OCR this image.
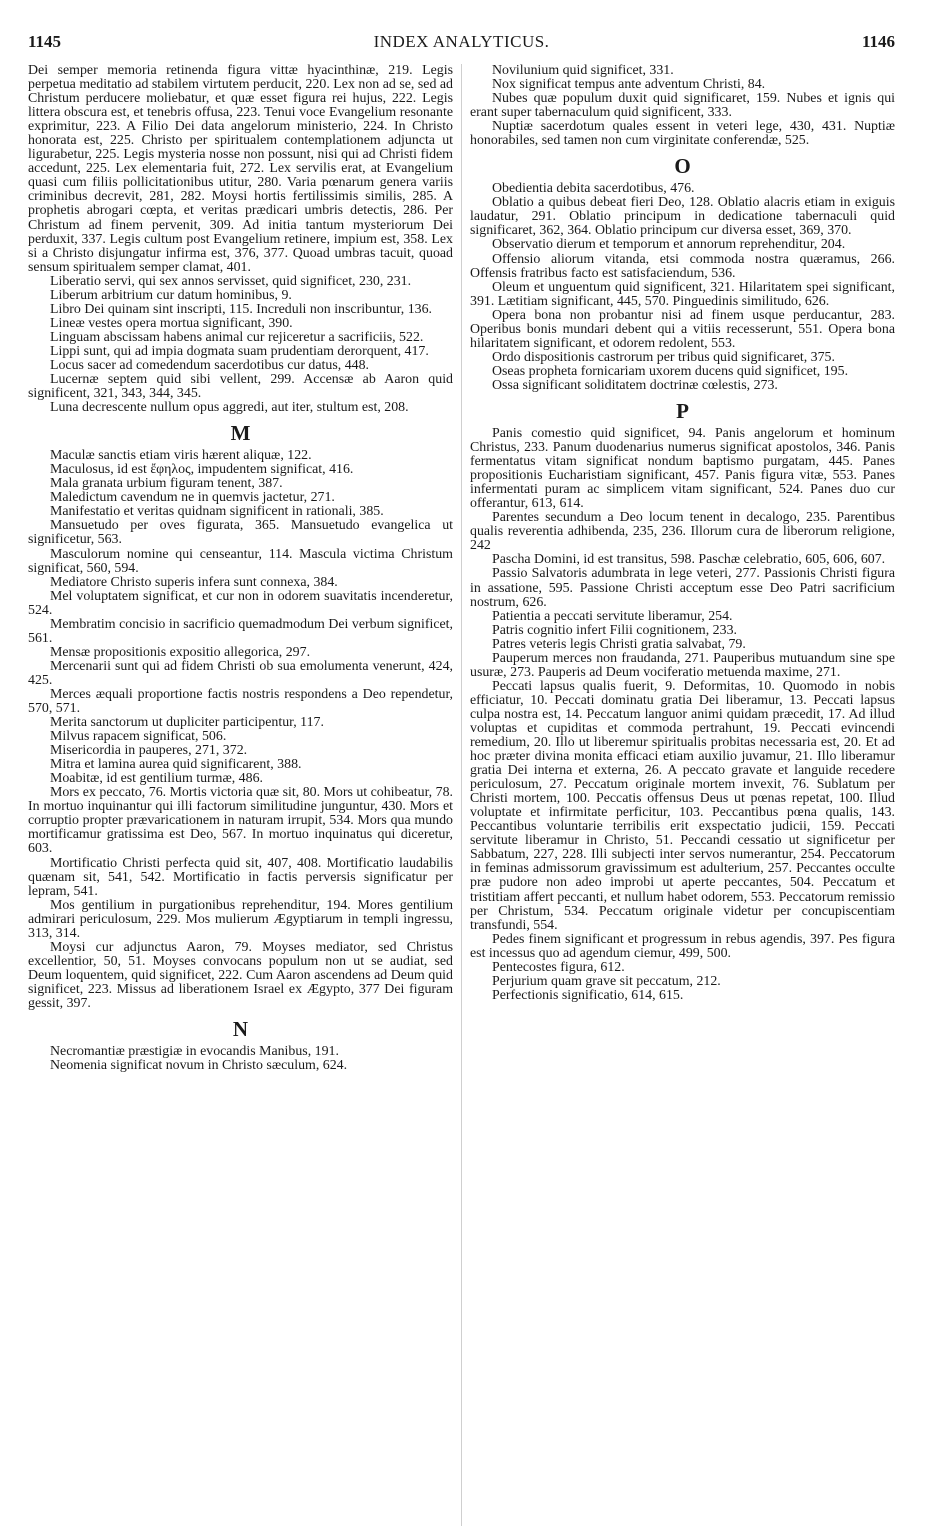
1145	INDEX ANALYTICUS.	1146
Dei semper memoria retinenda figura vittæ hyacinthinæ, 219. Legis perpetua meditatio ad stabilem virtutem perducit, 220. Lex non ad se, sed ad Christum perducere moliebatur, et quæ esset figura rei hujus, 222. Legis littera obscura est, et tenebris offusa, 223. Tenui voce Evangelium resonante exprimitur, 223. A Filio Dei data angelorum ministerio, 224. In Christo honorata est, 225. Christo per spiritualem contemplationem adjuncta ut ligurabetur, 225. Legis mysteria nosse non possunt, nisi qui ad Christi fidem accedunt, 225. Lex elementaria fuit, 272. Lex servilis erat, at Evangelium quasi cum filiis pollicitationibus utitur, 280. Varia pœnarum genera variis criminibus decrevit, 281, 282. Moysi hortis fertilissimis similis, 285. A prophetis abrogari cœpta, et veritas prædicari umbris detectis, 286. Per Christum ad finem pervenit, 309. Ad initia tantum mysteriorum Dei perduxit, 337. Legis cultum post Evangelium retinere, impium est, 358. Lex si a Christo disjungatur infirma est, 376, 377. Quoad umbras tacuit, quoad sensum spiritualem semper clamat, 401.
Liberatio servi, qui sex annos servisset, quid significet, 230, 231.
Liberum arbitrium cur datum hominibus, 9.
Libro Dei quinam sint inscripti, 115. Increduli non inscribuntur, 136.
Lineæ vestes opera mortua significant, 390.
Linguam abscissam habens animal cur rejiceretur a sacrificiis, 522.
Lippi sunt, qui ad impia dogmata suam prudentiam derorquent, 417.
Locus sacer ad comedendum sacerdotibus cur datus, 448.
Lucernæ septem quid sibi vellent, 299. Accensæ ab Aaron quid significent, 321, 343, 344, 345.
Luna decrescente nullum opus aggredi, aut iter, stultum est, 208.
M
Maculæ sanctis etiam viris hærent aliquæ, 122.
Maculosus, id est ἔφηλος, impudentem significat, 416.
Mala granata urbium figuram tenent, 387.
Maledictum cavendum ne in quemvis jactetur, 271.
Manifestatio et veritas quidnam significent in rationali, 385.
Mansuetudo per oves figurata, 365. Mansuetudo evangelica ut significetur, 563.
Masculorum nomine qui censeantur, 114. Mascula victima Christum significat, 560, 594.
Mediatore Christo superis infera sunt connexa, 384.
Mel voluptatem significat, et cur non in odorem suavitatis incenderetur, 524.
Membratim concisio in sacrificio quemadmodum Dei verbum significet, 561.
Mensæ propositionis expositio allegorica, 297.
Mercenarii sunt qui ad fidem Christi ob sua emolumenta venerunt, 424, 425.
Merces æquali proportione factis nostris respondens a Deo rependetur, 570, 571.
Merita sanctorum ut dupliciter participentur, 117.
Milvus rapacem significat, 506.
Misericordia in pauperes, 271, 372.
Mitra et lamina aurea quid significarent, 388.
Moabitæ, id est gentilium turmæ, 486.
Mors ex peccato, 76. Mortis victoria quæ sit, 80. Mors ut cohibeatur, 78. In mortuo inquinantur qui illi factorum similitudine junguntur, 430. Mors et corruptio propter prævaricationem in naturam irrupit, 534. Mors qua mundo mortificamur gratissima est Deo, 567. In mortuo inquinatus qui diceretur, 603.
Mortificatio Christi perfecta quid sit, 407, 408. Mortificatio laudabilis quænam sit, 541, 542. Mortificatio in factis perversis significatur per lepram, 541.
Mos gentilium in purgationibus reprehenditur, 194. Mores gentilium admirari periculosum, 229. Mos mulierum Ægyptiarum in templi ingressu, 313, 314.
Moysi cur adjunctus Aaron, 79. Moyses mediator, sed Christus excellentior, 50, 51. Moyses convocans populum non ut se audiat, sed Deum loquentem, quid significet, 222. Cum Aaron ascendens ad Deum quid significet, 223. Missus ad liberationem Israel ex Ægypto, 377 Dei figuram gessit, 397.
N
Necromantiæ præstigiæ in evocandis Manibus, 191.
Neomenia significat novum in Christo sæculum, 624.
Novilunium quid significet, 331.
Nox significat tempus ante adventum Christi, 84.
Nubes quæ populum duxit quid significaret, 159. Nubes et ignis qui erant super tabernaculum quid significent, 333.
Nuptiæ sacerdotum quales essent in veteri lege, 430, 431. Nuptiæ honorabiles, sed tamen non cum virginitate conferendæ, 525.
O
Obedientia debita sacerdotibus, 476.
Oblatio a quibus debeat fieri Deo, 128. Oblatio alacris etiam in exiguis laudatur, 291. Oblatio principum in dedicatione tabernaculi quid significaret, 362, 364. Oblatio principum cur diversa esset, 369, 370.
Observatio dierum et temporum et annorum reprehenditur, 204.
Offensio aliorum vitanda, etsi commoda nostra quæramus, 266. Offensis fratribus facto est satisfaciendum, 536.
Oleum et unguentum quid significent, 321. Hilaritatem spei significant, 391. Lætitiam significant, 445, 570. Pinguedinis similitudo, 626.
Opera bona non probantur nisi ad finem usque perducantur, 283. Operibus bonis mundari debent qui a vitiis recesserunt, 551. Opera bona hilaritatem significant, et odorem redolent, 553.
Ordo dispositionis castrorum per tribus quid significaret, 375.
Oseas propheta fornicariam uxorem ducens quid significet, 195.
Ossa significant soliditatem doctrinæ cœlestis, 273.
P
Panis comestio quid significet, 94. Panis angelorum et hominum Christus, 233. Panum duodenarius numerus significat apostolos, 346. Panis fermentatus vitam significat nondum baptismo purgatam, 445. Panes propositionis Eucharistiam significant, 457. Panis figura vitæ, 553. Panes infermentati puram ac simplicem vitam significant, 524. Panes duo cur offerantur, 613, 614.
Parentes secundum a Deo locum tenent in decalogo, 235. Parentibus qualis reverentia adhibenda, 235, 236. Illorum cura de liberorum religione, 242
Pascha Domini, id est transitus, 598. Paschæ celebratio, 605, 606, 607.
Passio Salvatoris adumbrata in lege veteri, 277. Passionis Christi figura in assatione, 595. Passione Christi acceptum esse Deo Patri sacrificium nostrum, 626.
Patientia a peccati servitute liberamur, 254.
Patris cognitio infert Filii cognitionem, 233.
Patres veteris legis Christi gratia salvabat, 79.
Pauperum merces non fraudanda, 271. Pauperibus mutuandum sine spe usuræ, 273. Pauperis ad Deum vociferatio metuenda maxime, 271.
Peccati lapsus qualis fuerit, 9. Deformitas, 10. Quomodo in nobis efficiatur, 10. Peccati dominatu gratia Dei liberamur, 13. Peccati lapsus culpa nostra est, 14. Peccatum languor animi quidam præcedit, 17. Ad illud voluptas et cupiditas et commoda pertrahunt, 19. Peccati evincendi remedium, 20. Illo ut liberemur spiritualis probitas necessaria est, 20. Et ad hoc præter divina monita efficaci etiam auxilio juvamur, 21. Illo liberamur gratia Dei interna et externa, 26. A peccato gravate et languide recedere periculosum, 27. Peccatum originale mortem invexit, 76. Sublatum per Christi mortem, 100. Peccatis offensus Deus ut pœnas repetat, 100. Illud voluptate et infirmitate perficitur, 103. Peccantibus pœna qualis, 143. Peccantibus voluntarie terribilis erit exspectatio judicii, 159. Peccati servitute liberamur in Christo, 51. Peccandi cessatio ut significetur per Sabbatum, 227, 228. Illi subjecti inter servos numerantur, 254. Peccatorum in feminas admissorum gravissimum est adulterium, 257. Peccantes occulte præ pudore non adeo improbi ut aperte peccantes, 504. Peccatum et tristitiam affert peccanti, et nullum habet odorem, 553. Peccatorum remissio per Christum, 534. Peccatum originale videtur per concupiscentiam transfundi, 554.
Pedes finem significant et progressum in rebus agendis, 397. Pes figura est incessus quo ad agendum ciemur, 499, 500.
Pentecostes figura, 612.
Perjurium quam grave sit peccatum, 212.
Perfectionis significatio, 614, 615.
